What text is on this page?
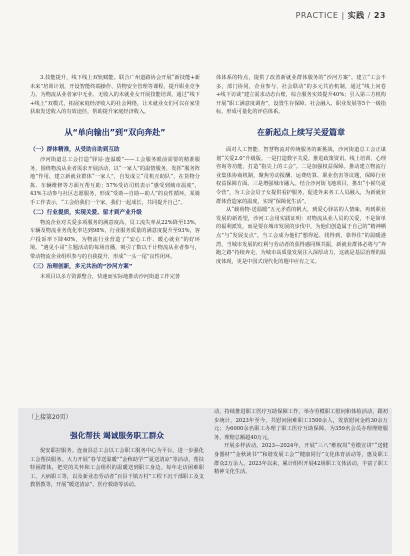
PRACTICE | 实践 / 23

3.技能提升，线下线上双轨赋能。联合广州道路协会开展“新技能+新未来”培训计划，开设智能终端操作、货物安全管理等课程，提升职业竞争力。为物流从业者家中无业、无收入的未就业女开展技能培训，通过“线下+线上”双模式，拓展家庭经济收入的社会网络，让未就业女们可以在家里获取发送收入的有效途径，帮助提升家庭经济收入。

从“单向输出”到“双向奔赴”
（一）群体精准，从受助自助到互助

沙河街道总工会打造“驿站·连温暖”——工会服务眼前需要的精准服务，围绕物流从业者需求开展活动，以“一家人”的温情服务，发挥“服务阵地”作用，建立新就业群体“一家人”，自发成立“司机互助队”，在货物分拣、车辆维修等方面互帮互助；57%受访司机表示“感受到城市温度”，43%主动参与社区志愿服务，形成“受助—自助—助人”的良性循环。某骑手工作表示，“工会给我们一个家，我们一起成长，共同提升自己”。

（二）行业提质，实现关爱、留才到产业升级

物流企业对关爱多项服务的满意度高，员工流失率从22%降至13%，车辆及物流业务优化率达到98%，行业服务质量的满意度提升至93%，客户投诉率下降40%，为物流行业营造了“安心工作、暖心就业”的好环境。“遇见小哥”主题活动的每场直播，吸引了数以千计物流从业者参与，带动物流企业组织参与的自我提升，形成“一头一尾”良性闭环。

（三）治理创新，多元共治的“沙河方案”

本项目以多方资源整合，快速而实际地推动沙河街道工作完善

体体系的特点，提供了改善新就业群体服务的“沙河方案”。建立“工会不多，部门协同，企业参与，社会联动”的多元共治机制，通过“线上问卷+线下访谈”建立需求动态台账，综合服务实效提升40%；引入第三方机构开展“职工满意度调查”，设置生存保障、社会融入、职业发展等5个一级指标，形成可量化的评估体系。

在新起点上续写关爱篇章

面对人工智能、智慧物流对传统服务的新挑战，沙河街道总工会正谋划“关爱2.0”升级版。一是打造数字关爱。推进政策资讯、线上培训、心理咨询等功能，打造“指尖上的工会”。二是加强权益保障。推动建立物流行业集体协商机制，聚焦劳动报酬、运费结算、职业伤害等议题，保障行业权益保障方面。三是增强城市融入。结合沙河街飞地项目，推出“小候鸟夏令营”，为工会会员子女提供看护服务，促进外来务工人员融入，为新就业群体营造家的温度，实现“保障优生活”。

从“载荷物·送温暖”五元矛盾的帆大，到爱心驿站的人情味，再到职业发展的新希望，沙河工会用实践证明：对物流从业人员的关爱，不是简单的福利派发，而是要在城市发展的步伐中，为他们创造属于自己的“精神栖点”与“发展支点”。当工会成为他们“想得起、找得到、靠得住”的温暖港湾，当城市发展的红利与劳动者的获得感同频共振，新就业群体必将与“奔跑之路”持续奔走，为城市高质量发展注入深厚动力，这就是基层治理的温度体现，更是中国式现代化的题中应有之义。

（上接第20页）
强化帮扶 竭诚服务职工群众

倪安耶拉服务。连南县总工会以工会职工服务中心为平台，进一步强化工会帮扶服务。大力开展“春节送温暖”“金秋助学”“夏送清凉”等活动，帮扶特困群体，把党的关怀和工会组织的温暖送到职工身边。每年走访困难职工、大病职工等，以及新业态劳动者“百县千镇万村”工程下沉干部职工及支教帮教等，开展“暖送清凉”、医疗救助等活动。

动，持续推进职工医疗互助保障工作，举办劳模职工慰问和体检活动，跟初步统计，2023年至今，共慰问困难职工1500余人，发放慰问金约30余万元；为6000余名职工办理了职工医疗互助保障，为359名会员办理理赔服务，理赔总额超40万元。

开展多样活动。2023—2024年，开展“三八”维权周“劳模宣讲”“送健身器材”“金秋读书”“和谐发展工会”“健康同行”文化体育活动等，惠及职工群众2万余人。2023年以来，累计组织开展42场职工文体活动，丰富了职工精神文化生活。
